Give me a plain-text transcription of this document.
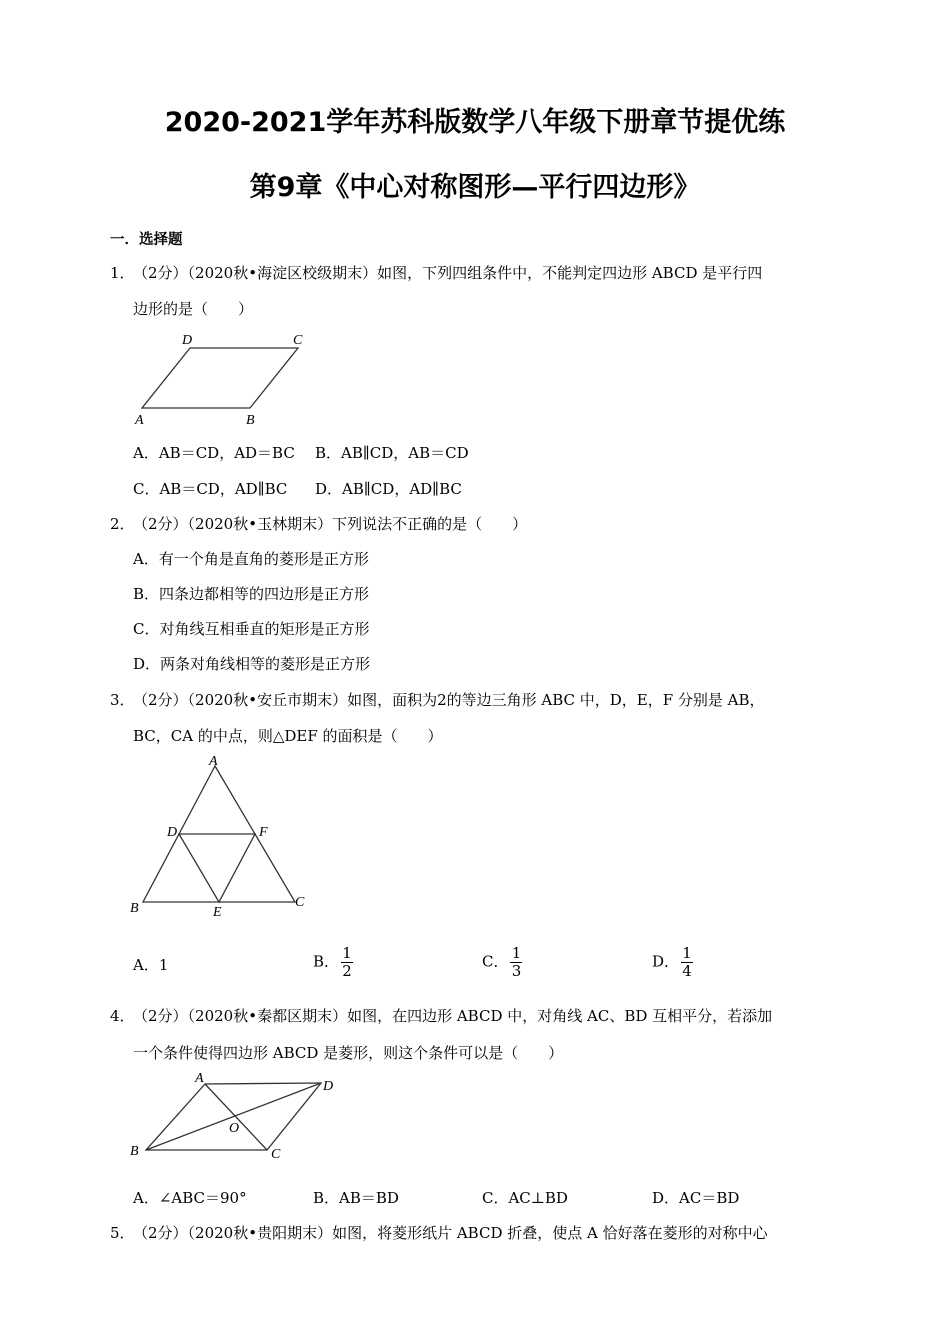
2020-2021学年苏科版数学八年级下册章节提优练
第9章《中心对称图形—平行四边形》
一．选择题
1．
（2分）（2020秋•海淀区校级期末）如图，下列四组条件中，不能判定四边形 ABCD 是平行四
边形的是（　　）
D	C
A	B
A．AB＝CD，AD＝BC B．AB∥CD，AB＝CD
C．AB＝CD，AD∥BC D．AB∥CD，AD∥BC
2．
（2分）（2020秋•玉林期末）下列说法不正确的是（　　）
A．有一个角是直角的菱形是正方形
B．四条边都相等的四边形是正方形
C．对角线互相垂直的矩形是正方形
D．两条对角线相等的菱形是正方形
3．
（2分）（2020秋•安丘市期末）如图，面积为2的等边三角形 ABC 中，D，E，F 分别是 AB，
BC，CA 的中点，则△DEF 的面积是（　　）
A
D	F
B	E
C
A．1	B． $\frac{1}{2}$	C． $\frac{1}{3}$	D． $\frac{1}{4}$
4．
（2分）（2020秋•秦都区期末）如图，在四边形 ABCD 中，对角线 AC、BD 互相平分，若添加
一个条件使得四边形 ABCD 是菱形，则这个条件可以是（　　）
A
D
O
B	C
A．∠ABC＝90°	B．AB＝BD	C．AC⊥BD	D．AC＝BD
5．
（2分）（2020秋•贵阳期末）如图，将菱形纸片 ABCD 折叠，使点 A 恰好落在菱形的对称中心
